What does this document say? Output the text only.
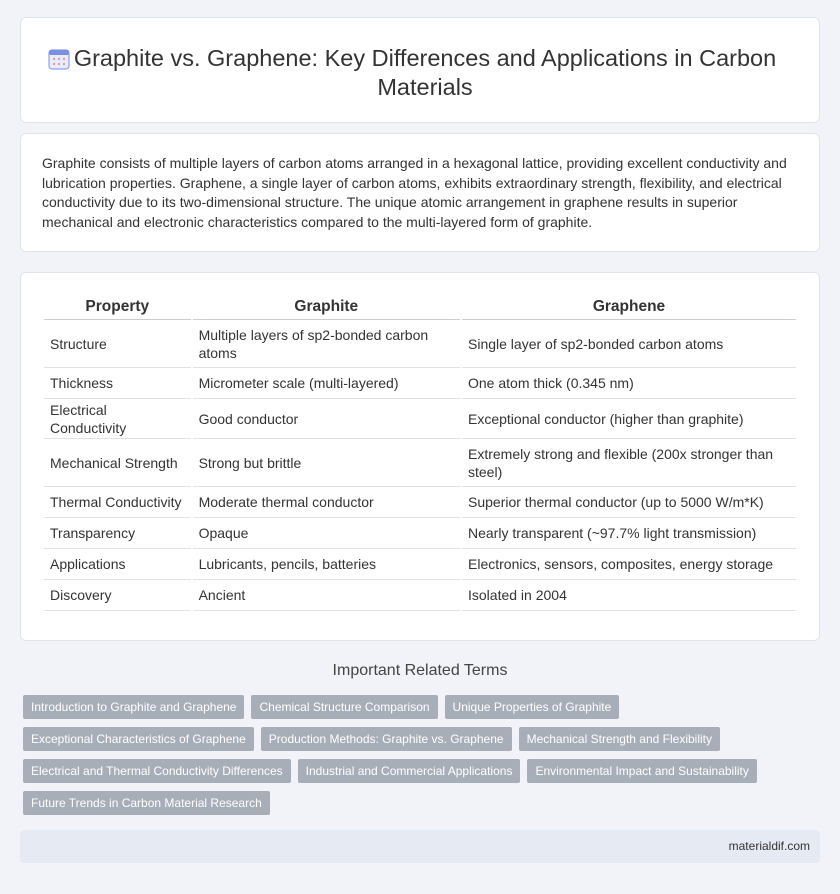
Graphite vs. Graphene: Key Differences and Applications in Carbon Materials

Graphite consists of multiple layers of carbon atoms arranged in a hexagonal lattice, providing excellent conductivity and lubrication properties. Graphene, a single layer of carbon atoms, exhibits extraordinary strength, flexibility, and electrical conductivity due to its two-dimensional structure. The unique atomic arrangement in graphene results in superior mechanical and electronic characteristics compared to the multi-layered form of graphite.

Property	Graphite	Graphene
Structure	Multiple layers of sp2-bonded carbon atoms	Single layer of sp2-bonded carbon atoms
Thickness	Micrometer scale (multi-layered)	One atom thick (0.345 nm)
Electrical Conductivity	Good conductor	Exceptional conductor (higher than graphite)
Mechanical Strength	Strong but brittle	Extremely strong and flexible (200x stronger than steel)
Thermal Conductivity	Moderate thermal conductor	Superior thermal conductor (up to 5000 W/m*K)
Transparency	Opaque	Nearly transparent (~97.7% light transmission)
Applications	Lubricants, pencils, batteries	Electronics, sensors, composites, energy storage
Discovery	Ancient	Isolated in 2004
Important Related Terms
Introduction to Graphite and Graphene	Chemical Structure Comparison	Unique Properties of Graphite
Exceptional Characteristics of Graphene	Production Methods: Graphite vs. Graphene	Mechanical Strength and Flexibility
Electrical and Thermal Conductivity Differences	Industrial and Commercial Applications	Environmental Impact and Sustainability
Future Trends in Carbon Material Research
materialdif.com
